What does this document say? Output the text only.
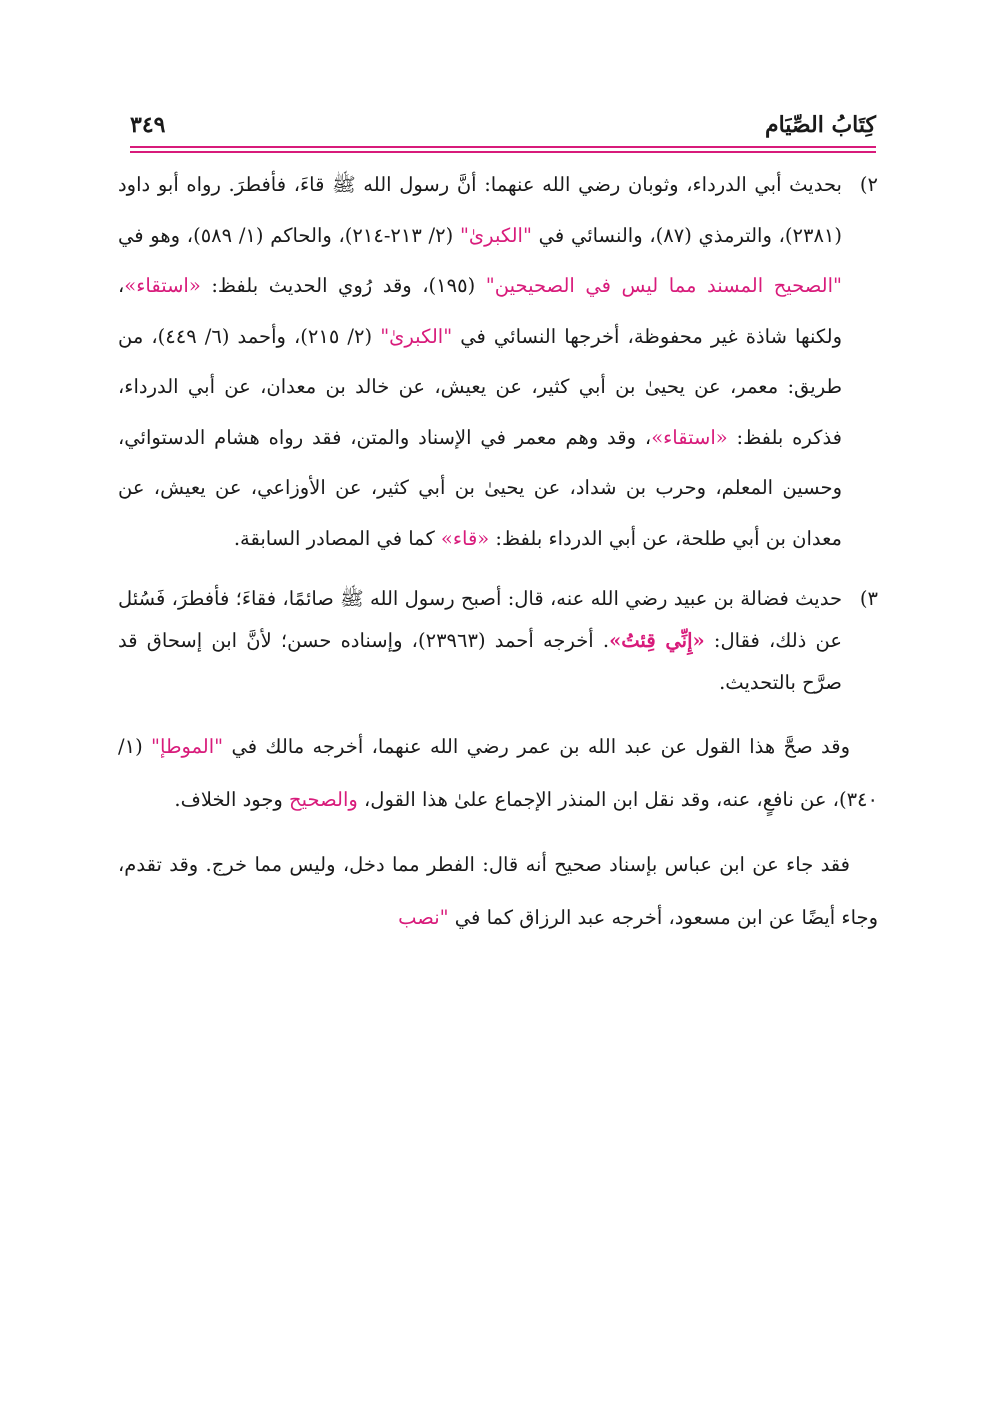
كِتَابُ الصِّيَام
٣٤٩

٢)
بحديث أبي الدرداء، وثوبان رضي الله عنهما: أنَّ رسول الله ﷺ قاءَ، فأفطرَ. رواه أبو داود (٢٣٨١)، والترمذي (٨٧)، والنسائي في "الكبرىٰ" (٢/ ٢١٣-٢١٤)، والحاكم (١/ ٥٨٩)، وهو في "الصحيح المسند مما ليس في الصحيحين" (١٩٥)، وقد رُوي الحديث بلفظ: «استقاء»، ولكنها شاذة غير محفوظة، أخرجها النسائي في "الكبرىٰ" (٢/ ٢١٥)، وأحمد (٦/ ٤٤٩)، من طريق: معمر، عن يحيىٰ بن أبي كثير، عن يعيش، عن خالد بن معدان، عن أبي الدرداء، فذكره بلفظ: «استقاء»، وقد وهم معمر في الإسناد والمتن، فقد رواه هشام الدستوائي، وحسين المعلم، وحرب بن شداد، عن يحيىٰ بن أبي كثير، عن الأوزاعي، عن يعيش، عن معدان بن أبي طلحة، عن أبي الدرداء بلفظ: «قاء» كما في المصادر السابقة.

٣)
حديث فضالة بن عبيد رضي الله عنه، قال: أصبح رسول الله ﷺ صائمًا، فقاءَ؛ فأفطرَ، فَسُئل عن ذلك، فقال: «إِنِّي قِئتُ». أخرجه أحمد (٢٣٩٦٣)، وإسناده حسن؛ لأنَّ ابن إسحاق قد صرَّح بالتحديث.

وقد صحَّ هذا القول عن عبد الله بن عمر رضي الله عنهما، أخرجه مالك في "الموطإ" (١/ ٣٤٠)، عن نافعٍ، عنه، وقد نقل ابن المنذر الإجماع علىٰ هذا القول، والصحيح وجود الخلاف.

فقد جاء عن ابن عباس بإسناد صحيح أنه قال: الفطر مما دخل، وليس مما خرج. وقد تقدم، وجاء أيضًا عن ابن مسعود، أخرجه عبد الرزاق كما في "نصب
